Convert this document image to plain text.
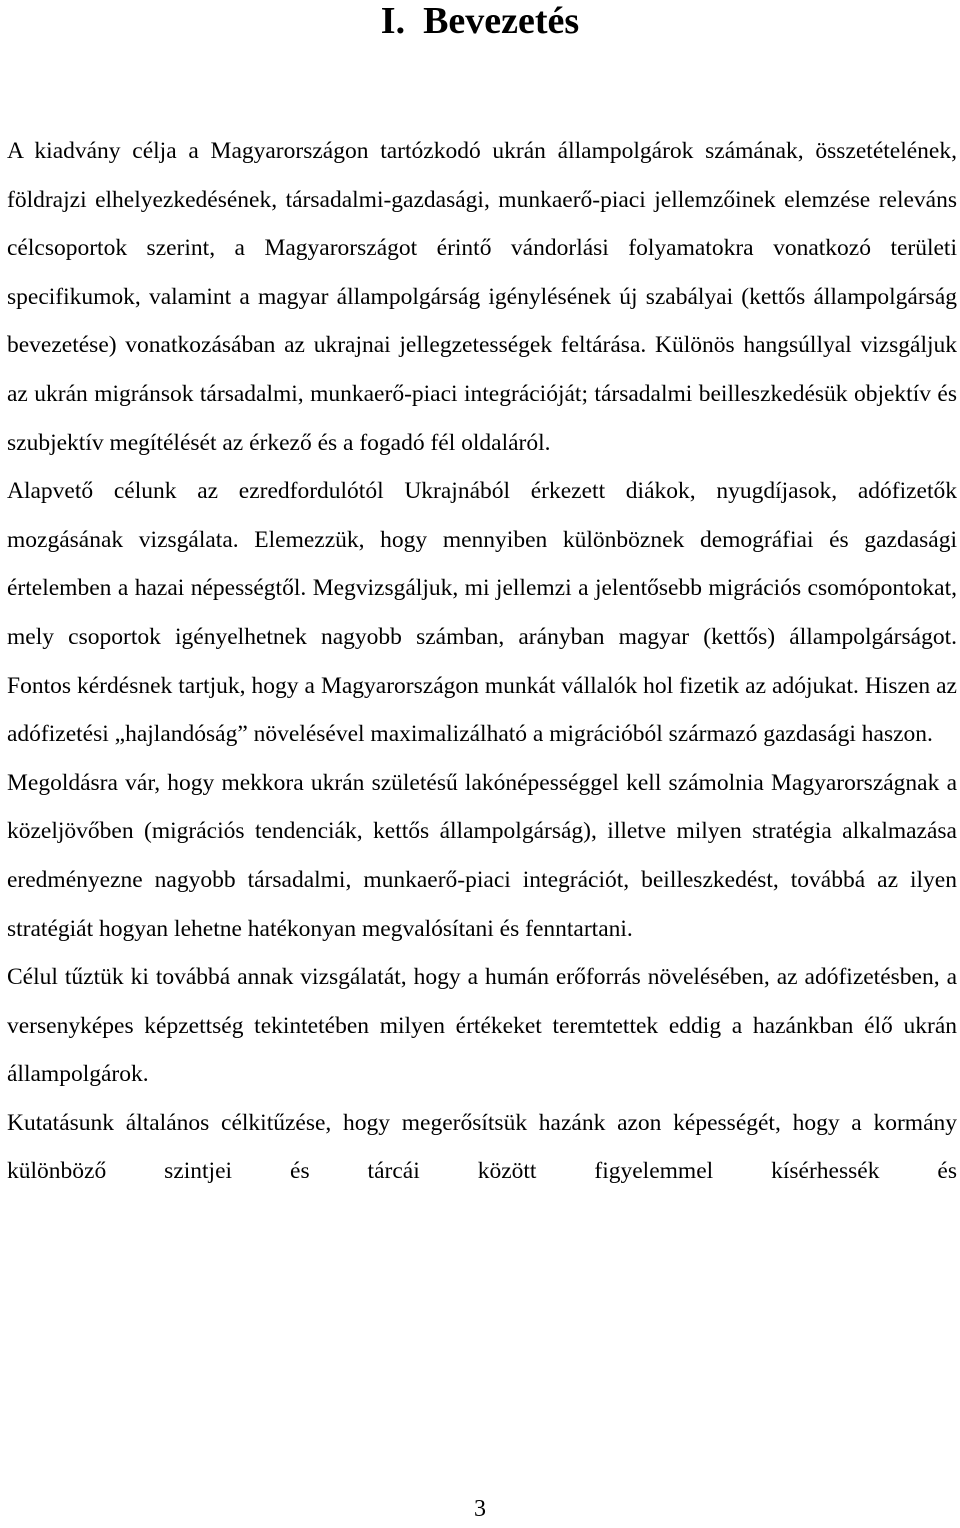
I. Bevezetés

A kiadvány célja a Magyarországon tartózkodó ukrán állampolgárok számának, összetételének, földrajzi elhelyezkedésének, társadalmi-gazdasági, munkaerő-piaci jellemzőinek elemzése releváns célcsoportok szerint, a Magyarországot érintő vándorlási folyamatokra vonatkozó területi specifikumok, valamint a magyar állampolgárság igénylésének új szabályai (kettős állampolgárság bevezetése) vonatkozásában az ukrajnai jellegzetességek feltárása. Különös hangsúllyal vizsgáljuk az ukrán migránsok társadalmi, munkaerő-piaci integrációját; társadalmi beilleszkedésük objektív és szubjektív megítélését az érkező és a fogadó fél oldaláról.

Alapvető célunk az ezredfordulótól Ukrajnából érkezett diákok, nyugdíjasok, adófizetők mozgásának vizsgálata. Elemezzük, hogy mennyiben különböznek demográfiai és gazdasági értelemben a hazai népességtől. Megvizsgáljuk, mi jellemzi a jelentősebb migrációs csomópontokat, mely csoportok igényelhetnek nagyobb számban, arányban magyar (kettős) állampolgárságot. Fontos kérdésnek tartjuk, hogy a Magyarországon munkát vállalók hol fizetik az adójukat. Hiszen az adófizetési „hajlandóság” növelésével maximalizálható a migrációból származó gazdasági haszon.

Megoldásra vár, hogy mekkora ukrán születésű lakónépességgel kell számolnia Magyarországnak a közeljövőben (migrációs tendenciák, kettős állampolgárság), illetve milyen stratégia alkalmazása eredményezne nagyobb társadalmi, munkaerő-piaci integrációt, beilleszkedést, továbbá az ilyen stratégiát hogyan lehetne hatékonyan megvalósítani és fenntartani.

Célul tűztük ki továbbá annak vizsgálatát, hogy a humán erőforrás növelésében, az adófizetésben, a versenyképes képzettség tekintetében milyen értékeket teremtettek eddig a hazánkban élő ukrán állampolgárok.

Kutatásunk általános célkitűzése, hogy megerősítsük hazánk azon képességét, hogy a kormány különböző szintjei és tárcái között figyelemmel kísérhessék és

3
